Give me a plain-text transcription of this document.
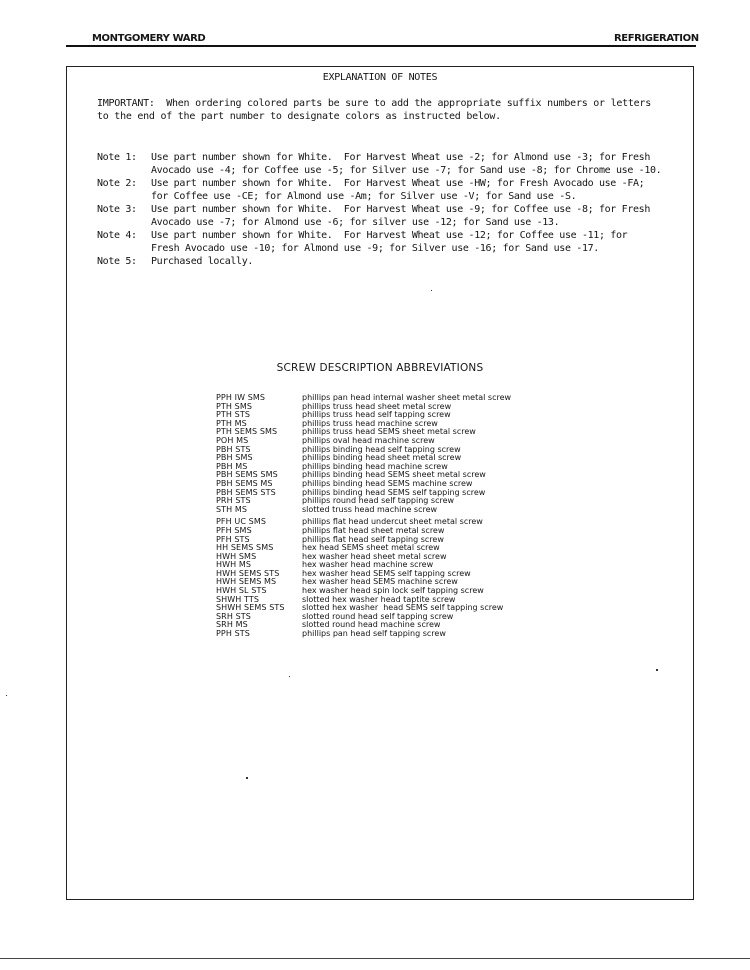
MONTGOMERY WARD	REFRIGERATION
EXPLANATION OF NOTES
IMPORTANT:  When ordering colored parts be sure to add the appropriate suffix numbers or letters
to the end of the part number to designate colors as instructed below.
Note 1:	Use part number shown for White.  For Harvest Wheat use -2; for Almond use -3; for Fresh
Avocado use -4; for Coffee use -5; for Silver use -7; for Sand use -8; for Chrome use -10.
Note 2:	Use part number shown for White.  For Harvest Wheat use -HW; for Fresh Avocado use -FA;
for Coffee use -CE; for Almond use -Am; for Silver use -V; for Sand use -S.
Note 3:	Use part number shown for White.  For Harvest Wheat use -9; for Coffee use -8; for Fresh
Avocado use -7; for Almond use -6; for silver use -12; for Sand use -13.
Note 4:	Use part number shown for White.  For Harvest Wheat use -12; for Coffee use -11; for
Fresh Avocado use -10; for Almond use -9; for Silver use -16; for Sand use -17.
Note 5:	Purchased locally.
SCREW DESCRIPTION ABBREVIATIONS
PPH IW SMS	phillips pan head internal washer sheet metal screw
PTH SMS	phillips truss head sheet metal screw
PTH STS	phillips truss head self tapping screw
PTH MS	phillips truss head machine screw
PTH SEMS SMS	phillips truss head SEMS sheet metal screw
POH MS	phillips oval head machine screw
PBH STS	phillips binding head self tapping screw
PBH SMS	phillips binding head sheet metal screw
PBH MS	phillips binding head machine screw
PBH SEMS SMS	phillips binding head SEMS sheet metal screw
PBH SEMS MS	phillips binding head SEMS machine screw
PBH SEMS STS	phillips binding head SEMS self tapping screw
PRH STS	phillips round head self tapping screw
STH MS	slotted truss head machine screw
PFH UC SMS	phillips flat head undercut sheet metal screw
PFH SMS	phillips flat head sheet metal screw
PFH STS	phillips flat head self tapping screw
HH SEMS SMS	hex head SEMS sheet metal screw
HWH SMS	hex washer head sheet metal screw
HWH MS	hex washer head machine screw
HWH SEMS STS	hex washer head SEMS self tapping screw
HWH SEMS MS	hex washer head SEMS machine screw
HWH SL STS	hex washer head spin lock self tapping screw
SHWH TTS	slotted hex washer head taptite screw
SHWH SEMS STS slotted hex washer  head SEMS self tapping screw
SRH STS	slotted round head self tapping screw
SRH MS	slotted round head machine screw
PPH STS	phillips pan head self tapping screw
